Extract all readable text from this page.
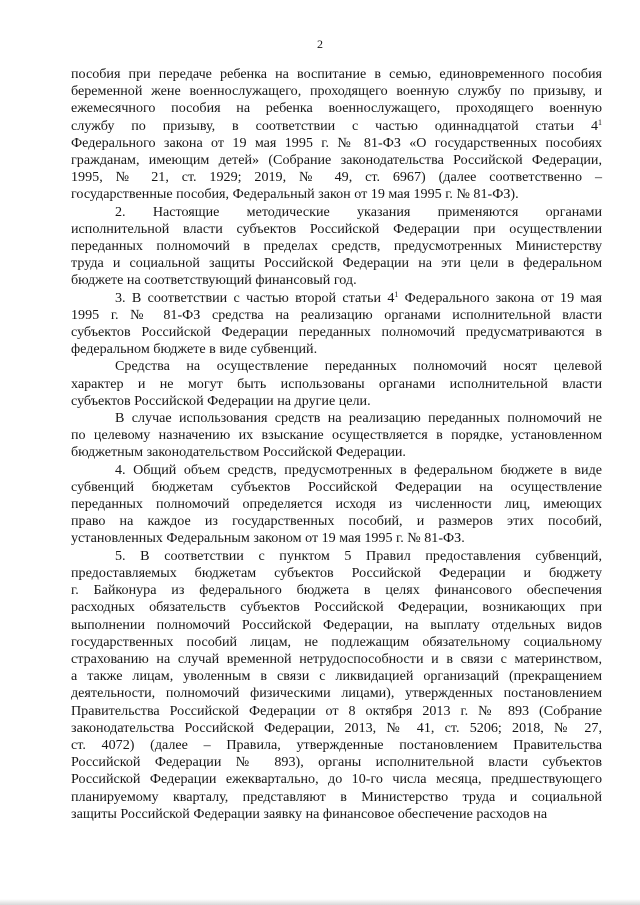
2
пособия при передаче ребенка на воспитание в семью, единовременного пособия
беременной жене военнослужащего, проходящего военную службу по призыву, и
ежемесячного пособия на ребенка военнослужащего, проходящего военную
службу по призыву, в соответствии с частью одиннадцатой статьи $4^1$
Федерального закона от 19 мая 1995 г. № 81-ФЗ «О государственных пособиях
гражданам, имеющим детей» (Собрание законодательства Российской Федерации,
1995, № 21, ст. 1929; 2019, № 49, ст. 6967) (далее соответственно –
государственные пособия, Федеральный закон от 19 мая 1995 г. № 81-ФЗ).
2. Настоящие методические указания применяются органами
исполнительной власти субъектов Российской Федерации при осуществлении
переданных полномочий в пределах средств, предусмотренных Министерству
труда и социальной защиты Российской Федерации на эти цели в федеральном
бюджете на соответствующий финансовый год.
3. В соответствии с частью второй статьи $4^1$ Федерального закона от 19 мая
1995 г. № 81-ФЗ средства на реализацию органами исполнительной власти
субъектов Российской Федерации переданных полномочий предусматриваются в
федеральном бюджете в виде субвенций.
Средства на осуществление переданных полномочий носят целевой
характер и не могут быть использованы органами исполнительной власти
субъектов Российской Федерации на другие цели.
В случае использования средств на реализацию переданных полномочий не
по целевому назначению их взыскание осуществляется в порядке, установленном
бюджетным законодательством Российской Федерации.
4. Общий объем средств, предусмотренных в федеральном бюджете в виде
субвенций бюджетам субъектов Российской Федерации на осуществление
переданных полномочий определяется исходя из численности лиц, имеющих
право на каждое из государственных пособий, и размеров этих пособий,
установленных Федеральным законом от 19 мая 1995 г. № 81-ФЗ.
5. В соответствии с пунктом 5 Правил предоставления субвенций,
предоставляемых бюджетам субъектов Российской Федерации и бюджету
г. Байконура из федерального бюджета в целях финансового обеспечения
расходных обязательств субъектов Российской Федерации, возникающих при
выполнении полномочий Российской Федерации, на выплату отдельных видов
государственных пособий лицам, не подлежащим обязательному социальному
страхованию на случай временной нетрудоспособности и в связи с материнством,
а также лицам, уволенным в связи с ликвидацией организаций (прекращением
деятельности, полномочий физическими лицами), утвержденных постановлением
Правительства Российской Федерации от 8 октября 2013 г. № 893 (Собрание
законодательства Российской Федерации, 2013, № 41, ст. 5206; 2018, № 27,
ст. 4072) (далее – Правила, утвержденные постановлением Правительства
Российской Федерации № 893), органы исполнительной власти субъектов
Российской Федерации ежеквартально, до 10-го числа месяца, предшествующего
планируемому кварталу, представляют в Министерство труда и социальной
защиты Российской Федерации заявку на финансовое обеспечение расходов на
